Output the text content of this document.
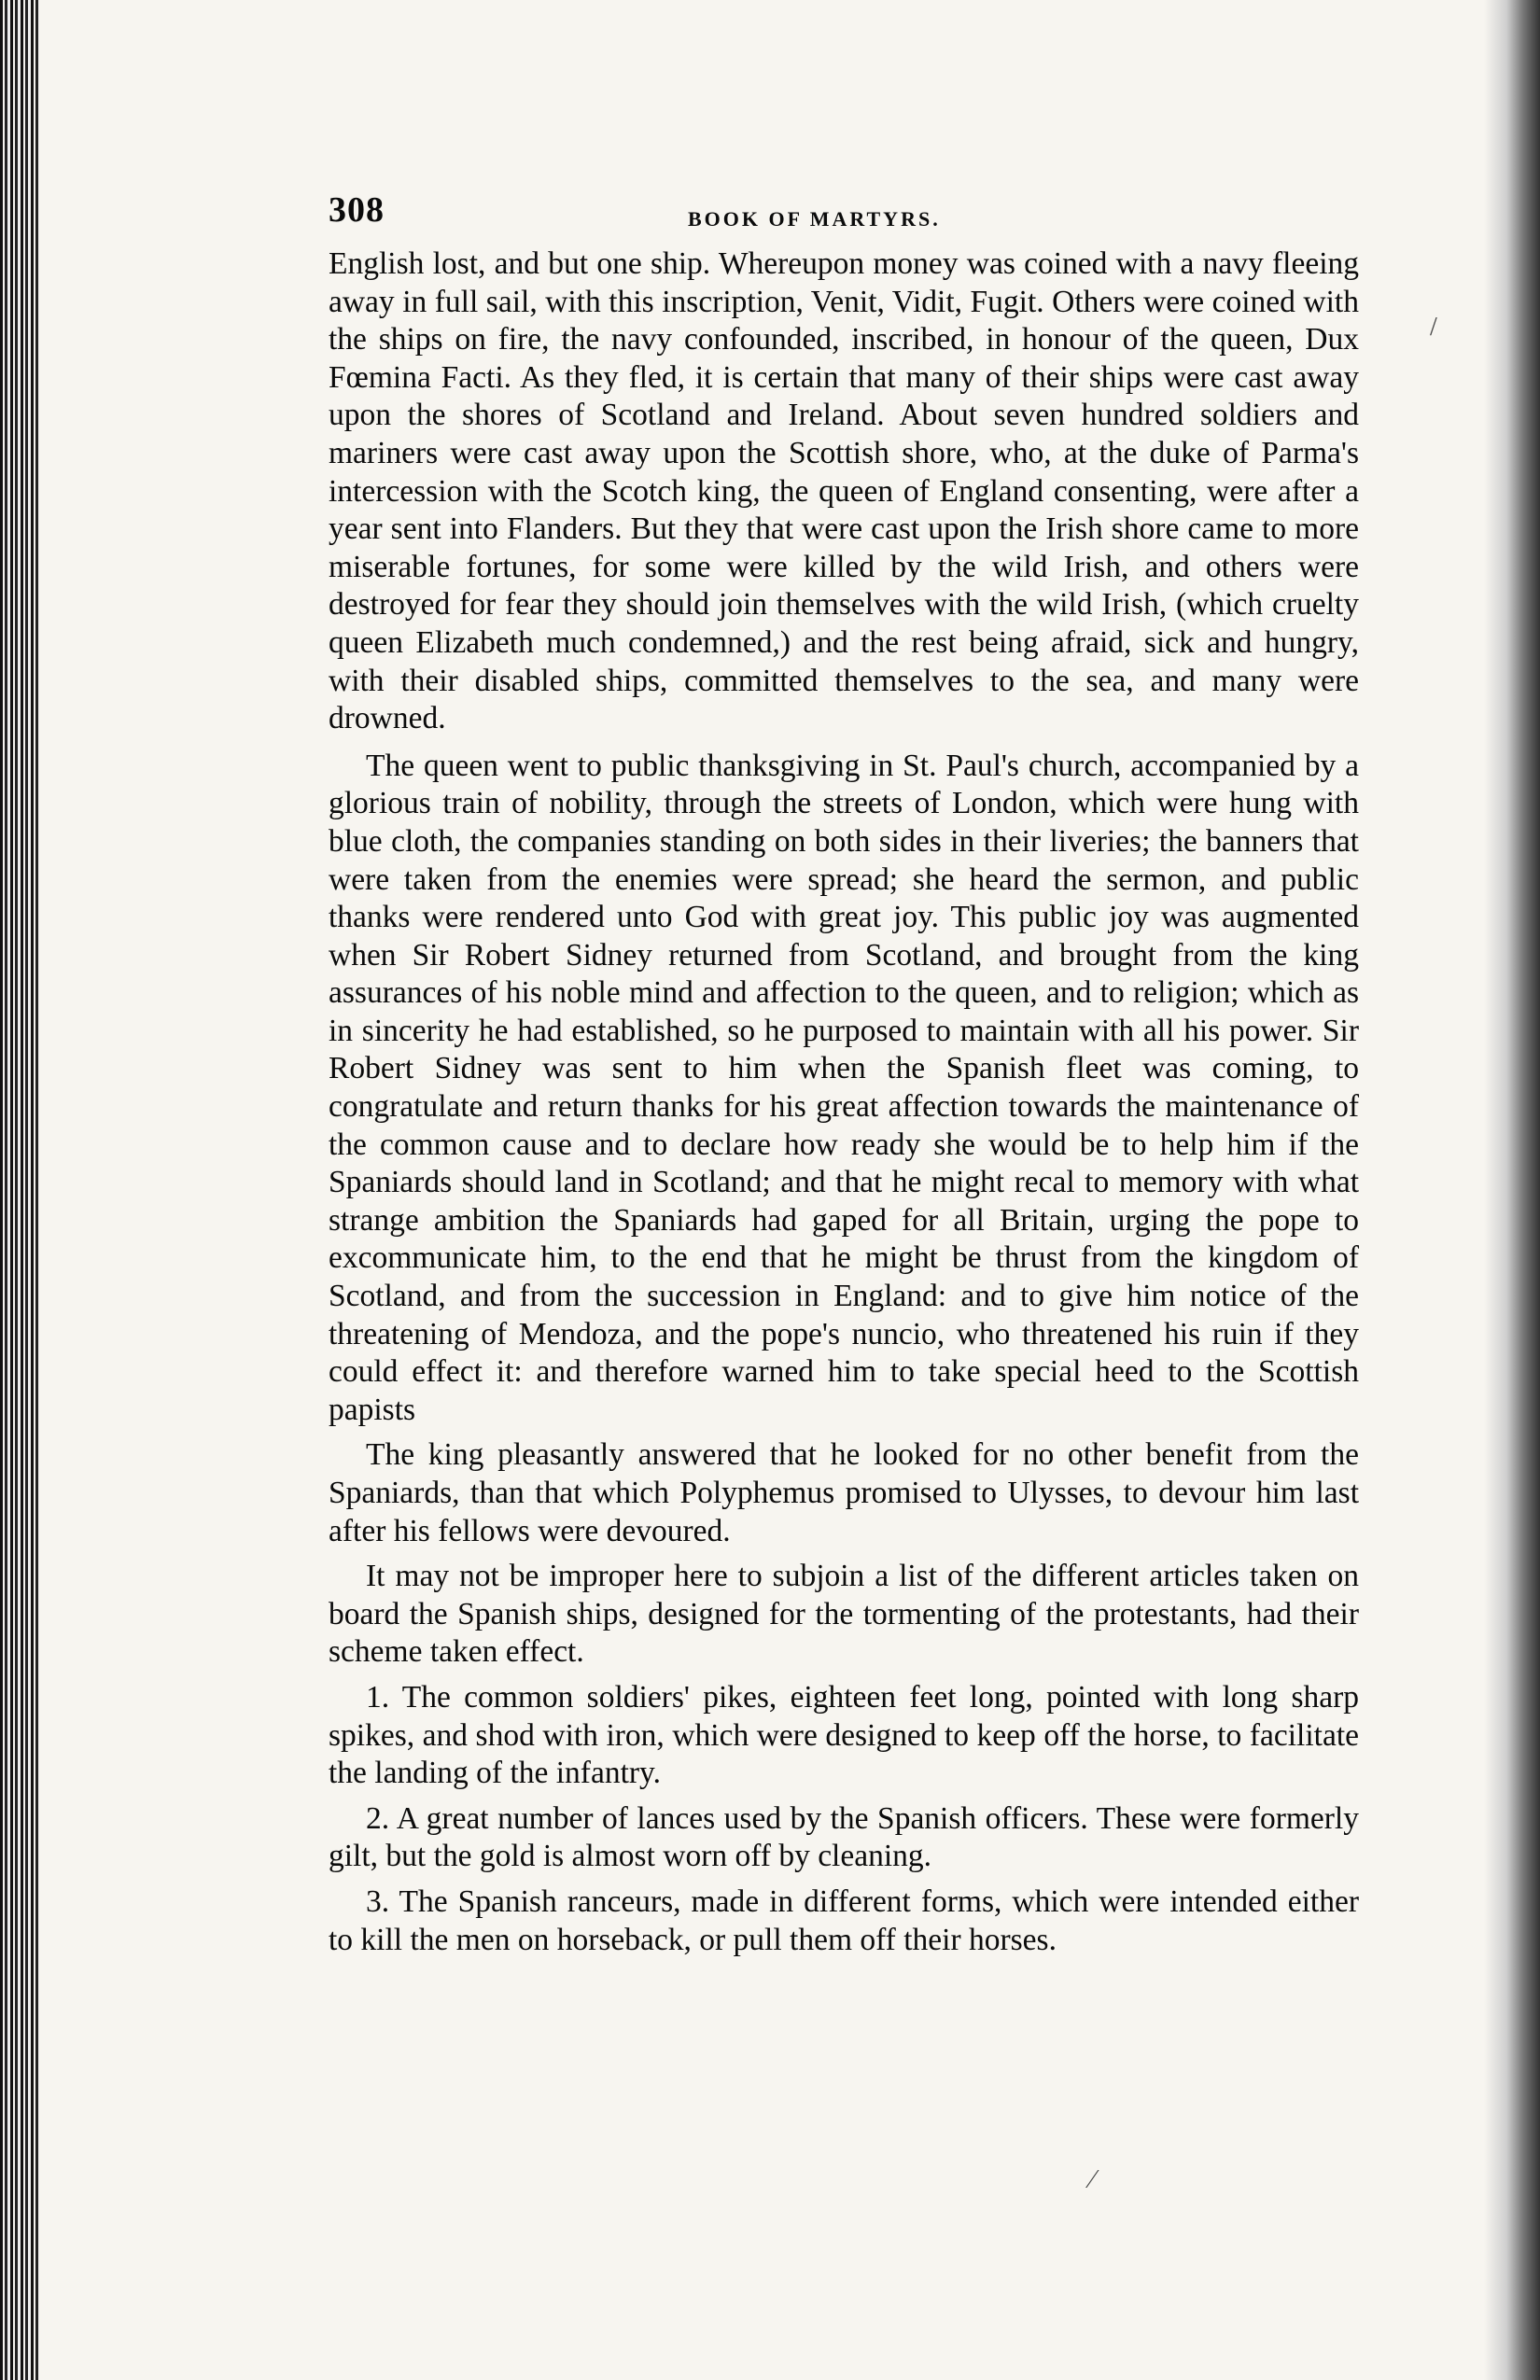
308	BOOK OF MARTYRS.

English lost, and but one ship. Whereupon money was coined with a navy fleeing away in full sail, with this inscription, Venit, Vidit, Fugit. Others were coined with the ships on fire, the navy confounded, inscribed, in honour of the queen, Dux Fœmina Facti. As they fled, it is certain that many of their ships were cast away upon the shores of Scotland and Ireland. About seven hundred soldiers and mariners were cast away upon the Scottish shore, who, at the duke of Parma's intercession with the Scotch king, the queen of England consenting, were after a year sent into Flanders. But they that were cast upon the Irish shore came to more miserable fortunes, for some were killed by the wild Irish, and others were destroyed for fear they should join themselves with the wild Irish, (which cruelty queen Elizabeth much condemned,) and the rest being afraid, sick and hungry, with their disabled ships, committed themselves to the sea, and many were drowned.

The queen went to public thanksgiving in St. Paul's church, accompanied by a glorious train of nobility, through the streets of London, which were hung with blue cloth, the companies standing on both sides in their liveries; the banners that were taken from the enemies were spread; she heard the sermon, and public thanks were rendered unto God with great joy. This public joy was augmented when Sir Robert Sidney returned from Scotland, and brought from the king assurances of his noble mind and affection to the queen, and to religion; which as in sincerity he had established, so he purposed to maintain with all his power. Sir Robert Sidney was sent to him when the Spanish fleet was coming, to congratulate and return thanks for his great affection towards the maintenance of the common cause and to declare how ready she would be to help him if the Spaniards should land in Scotland; and that he might recal to memory with what strange ambition the Spaniards had gaped for all Britain, urging the pope to excommunicate him, to the end that he might be thrust from the kingdom of Scotland, and from the succession in England: and to give him notice of the threatening of Mendoza, and the pope's nuncio, who threatened his ruin if they could effect it: and therefore warned him to take special heed to the Scottish papists

The king pleasantly answered that he looked for no other benefit from the Spaniards, than that which Polyphemus promised to Ulysses, to devour him last after his fellows were devoured.

It may not be improper here to subjoin a list of the different articles taken on board the Spanish ships, designed for the tormenting of the protestants, had their scheme taken effect.

1. The common soldiers' pikes, eighteen feet long, pointed with long sharp spikes, and shod with iron, which were designed to keep off the horse, to facilitate the landing of the infantry.

2. A great number of lances used by the Spanish officers. These were formerly gilt, but the gold is almost worn off by cleaning.

3. The Spanish ranceurs, made in different forms, which were intended either to kill the men on horseback, or pull them off their horses.

/
⁄
